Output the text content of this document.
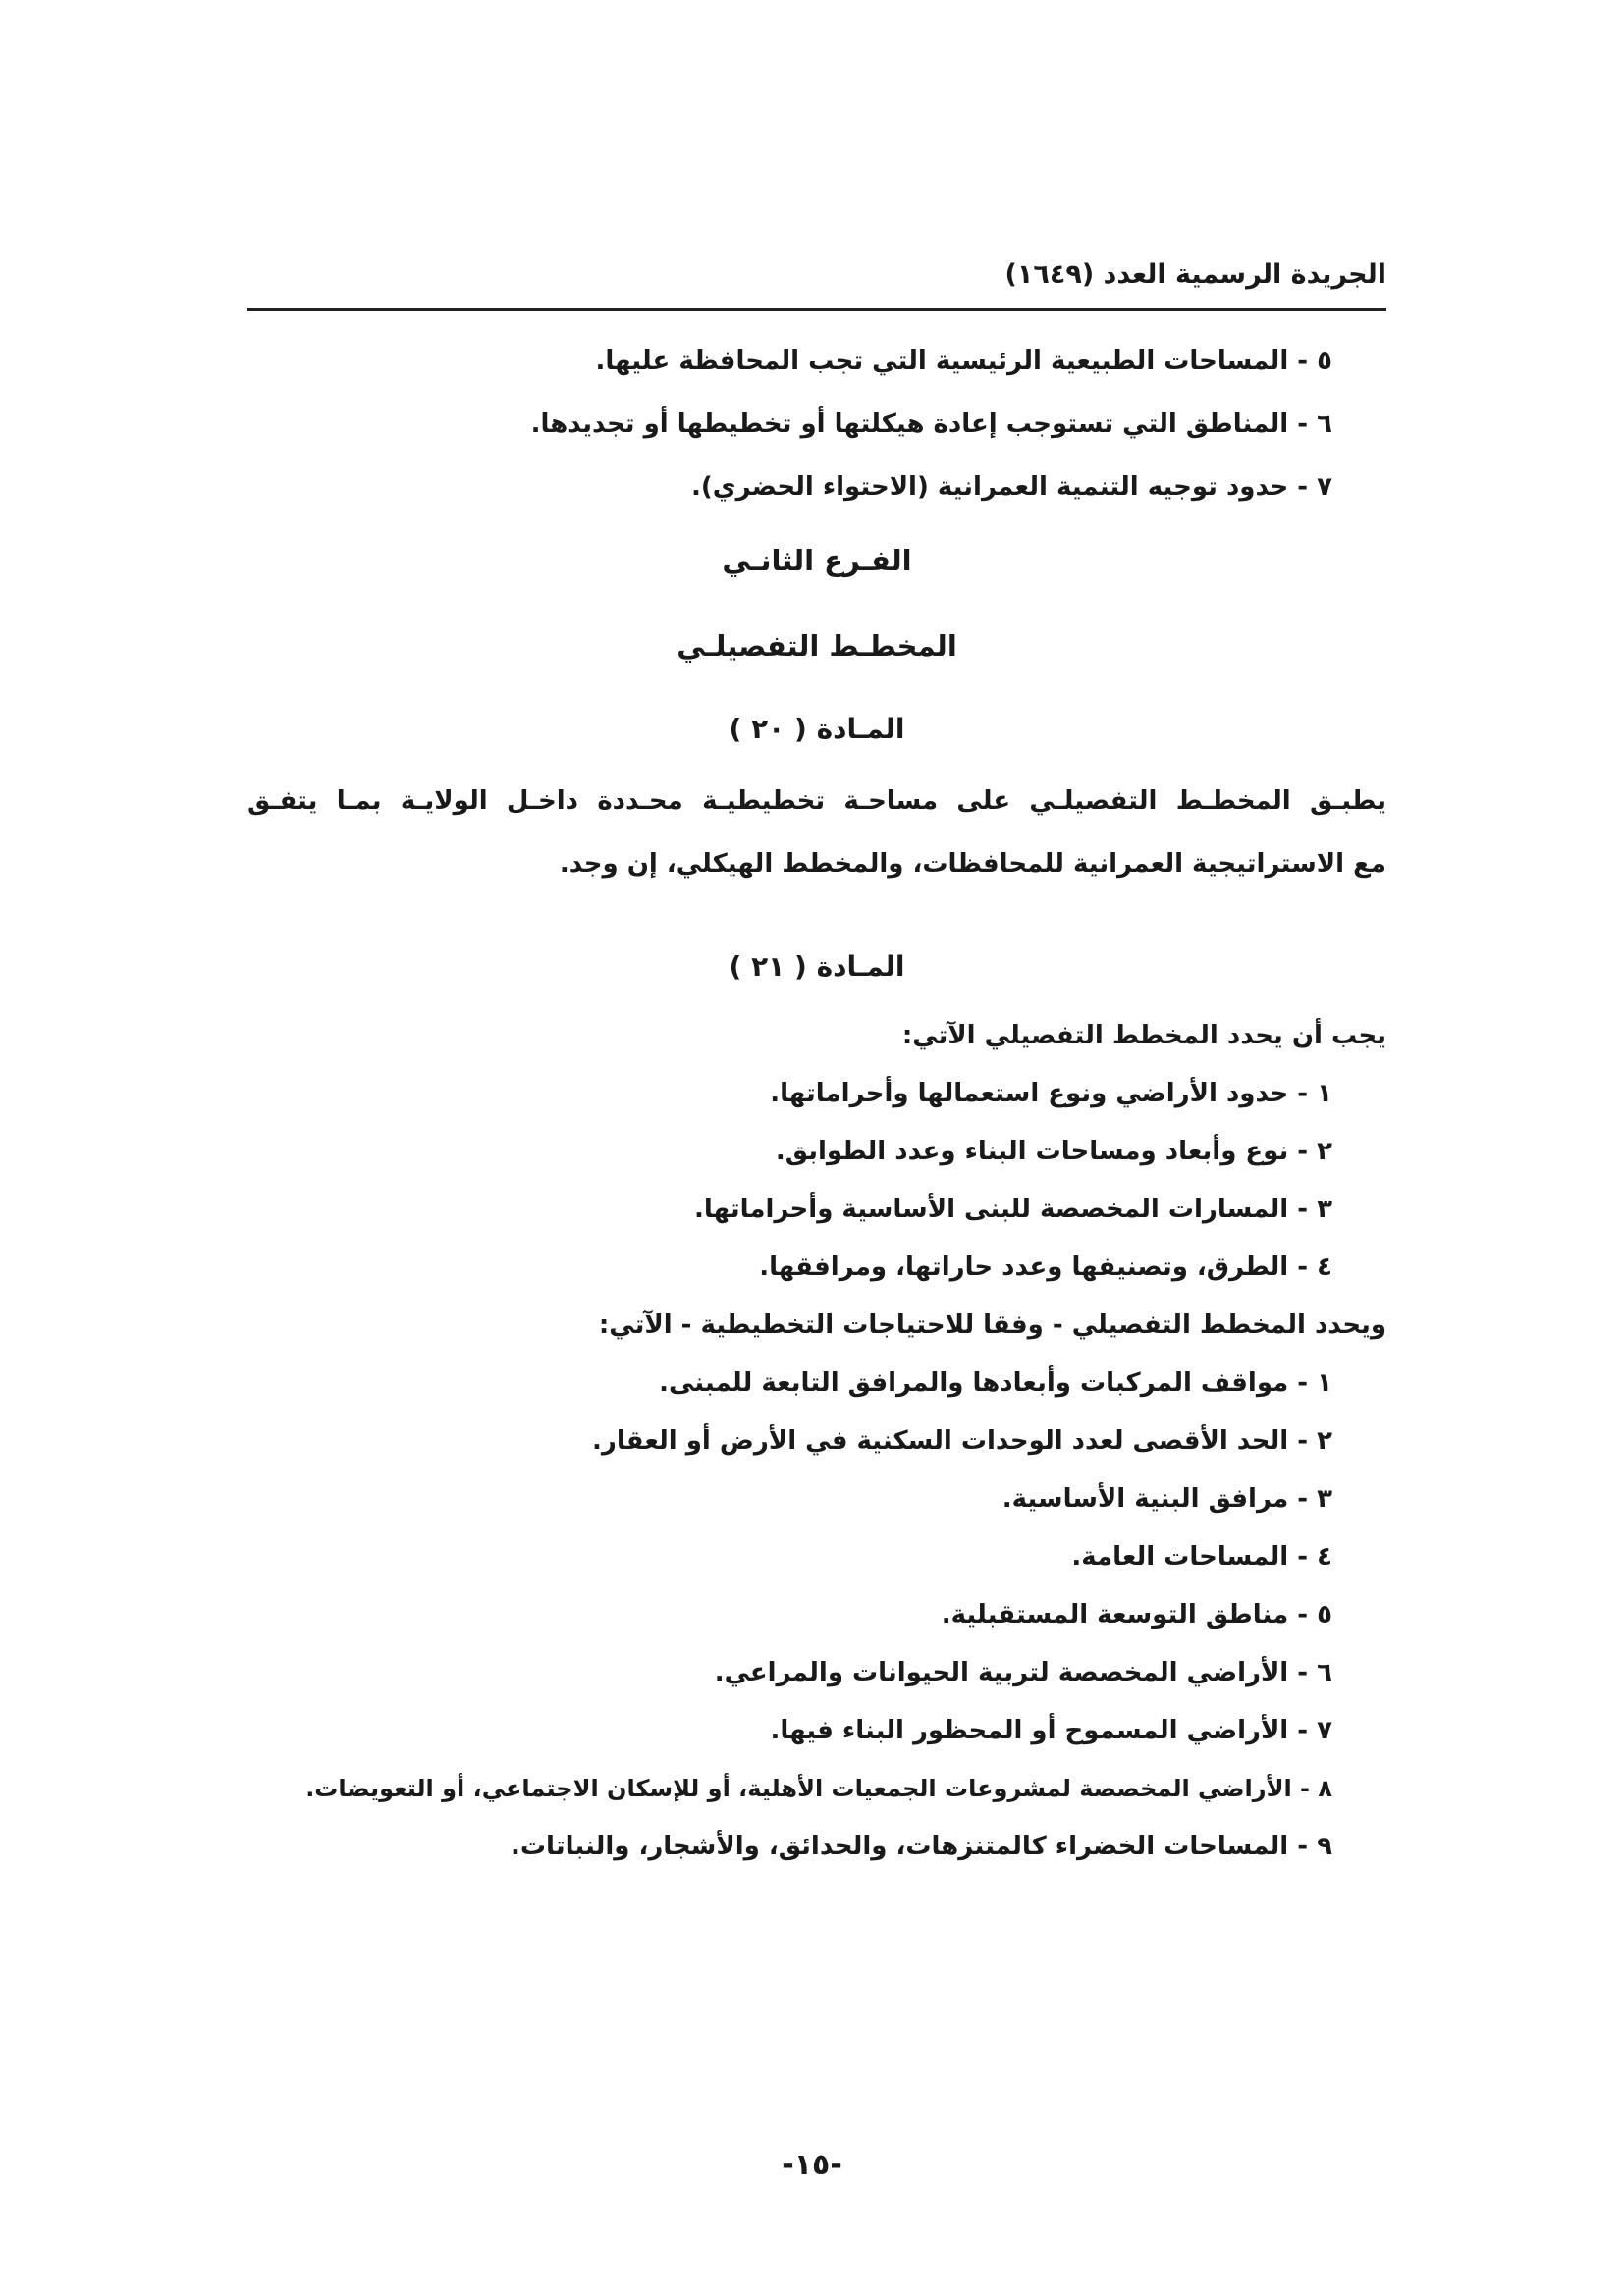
الجريدة الرسمية العدد (١٦٤٩)
٥ - المساحات الطبيعية الرئيسية التي تجب المحافظة عليها.
٦ - المناطق التي تستوجب إعادة هيكلتها أو تخطيطها أو تجديدها.
٧ - حدود توجيه التنمية العمرانية (الاحتواء الحضري).
الفـرع الثانـي
المخطـط التفصيلـي
المـادة ( ٢٠ )
يطبـق المخطـط التفصيلـي على مساحـة تخطيطيـة محـددة داخـل الولايـة بمـا يتفـق
مع الاستراتيجية العمرانية للمحافظات، والمخطط الهيكلي، إن وجد.
المـادة ( ٢١ )
يجب أن يحدد المخطط التفصيلي الآتي:
١ - حدود الأراضي ونوع استعمالها وأحراماتها.
٢ - نوع وأبعاد ومساحات البناء وعدد الطوابق.
٣ - المسارات المخصصة للبنى الأساسية وأحراماتها.
٤ - الطرق، وتصنيفها وعدد حاراتها، ومرافقها.
ويحدد المخطط التفصيلي - وفقا للاحتياجات التخطيطية - الآتي:
١ - مواقف المركبات وأبعادها والمرافق التابعة للمبنى.
٢ - الحد الأقصى لعدد الوحدات السكنية في الأرض أو العقار.
٣ - مرافق البنية الأساسية.
٤ - المساحات العامة.
٥ - مناطق التوسعة المستقبلية.
٦ - الأراضي المخصصة لتربية الحيوانات والمراعي.
٧ - الأراضي المسموح أو المحظور البناء فيها.
٨ - الأراضي المخصصة لمشروعات الجمعيات الأهلية، أو للإسكان الاجتماعي، أو التعويضات.
٩ - المساحات الخضراء كالمتنزهات، والحدائق، والأشجار، والنباتات.
-١٥-
